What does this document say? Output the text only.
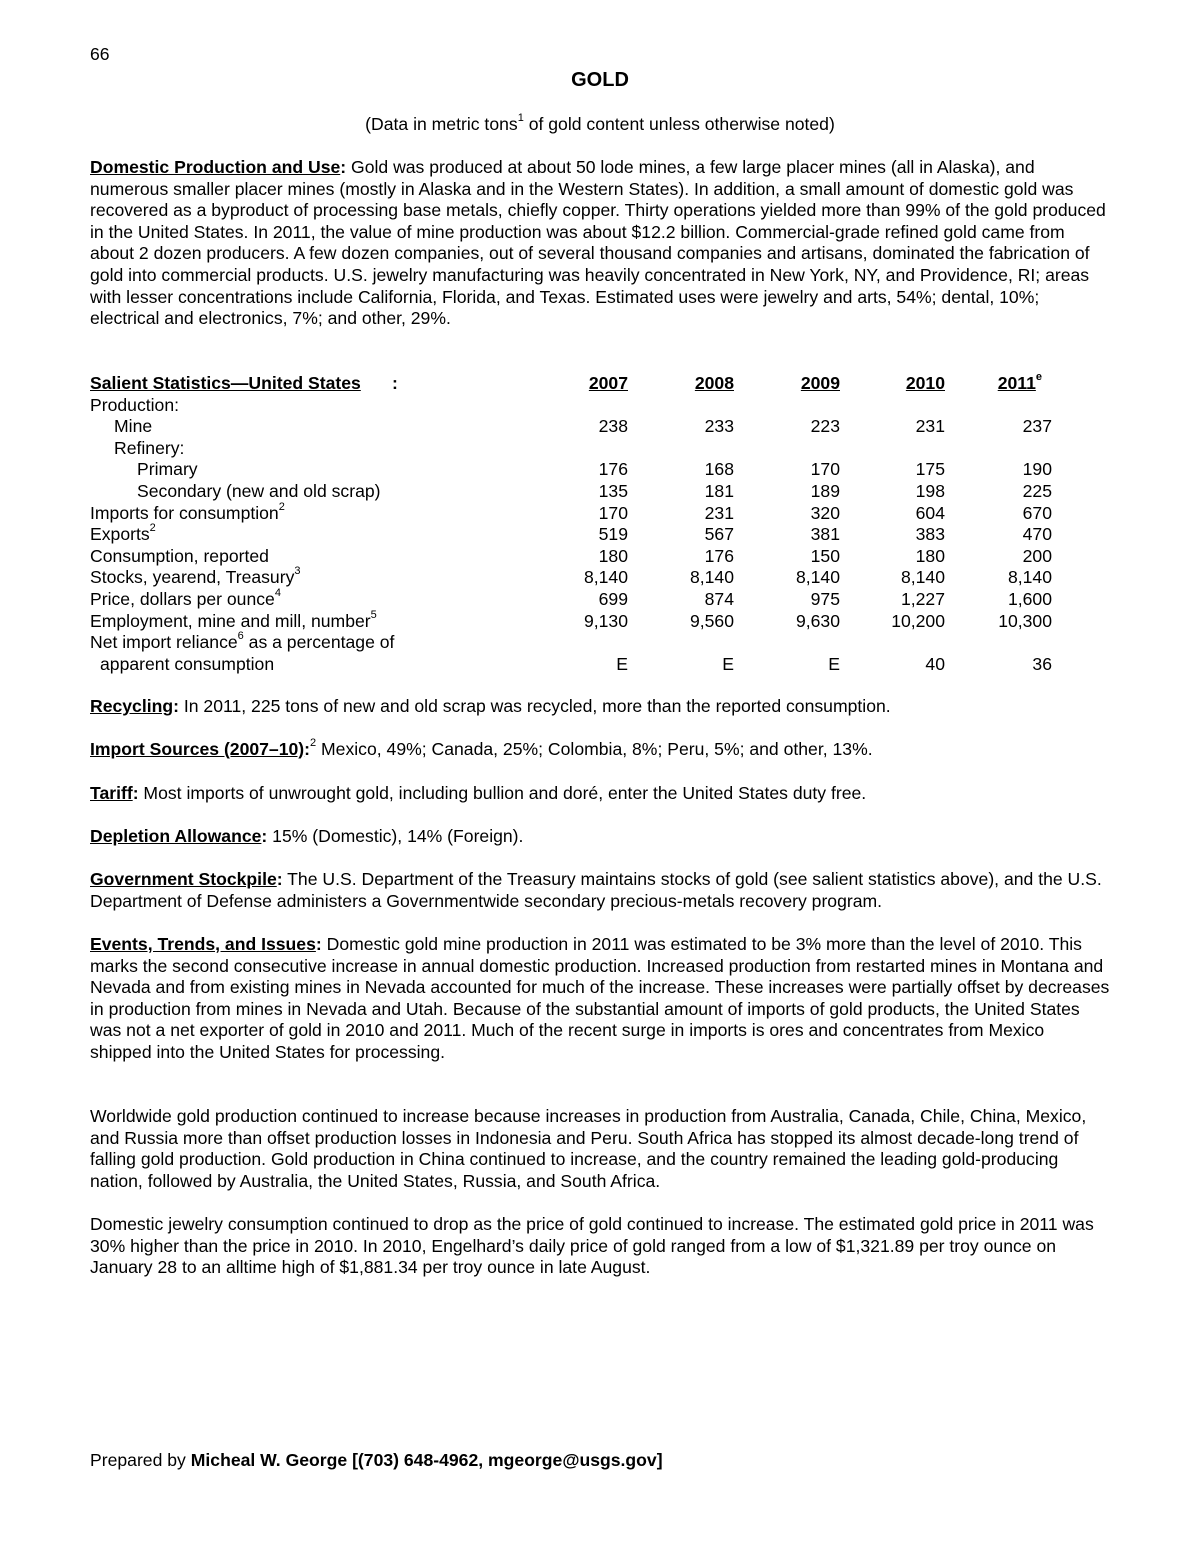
66
GOLD
(Data in metric tons$^1$ of gold content unless otherwise noted)

Domestic Production and Use: Gold was produced at about 50 lode mines, a few large placer mines (all in Alaska), and numerous smaller placer mines (mostly in Alaska and in the Western States). In addition, a small amount of domestic gold was recovered as a byproduct of processing base metals, chiefly copper. Thirty operations yielded more than 99% of the gold produced in the United States. In 2011, the value of mine production was about $12.2 billion. Commercial-grade refined gold came from about 2 dozen producers. A few dozen companies, out of several thousand companies and artisans, dominated the fabrication of gold into commercial products. U.S. jewelry manufacturing was heavily concentrated in New York, NY, and Providence, RI; areas with lesser concentrations include California, Florida, and Texas. Estimated uses were jewelry and arts, 54%; dental, 10%; electrical and electronics, 7%; and other, 29%.

Salient Statistics—United States :	2007	2008	2009	2010	2011e
Production:
Mine	238	233	223	231	237
Refinery:
Primary	176	168	170	175	190
Secondary (new and old scrap)	135	181	189	198	225
Imports for consumption$^2$	170	231	320	604	670
Exports$^2$	519	567	381	383	470
Consumption, reported	180	176	150	180	200
Stocks, yearend, Treasury$^3$	8,140	8,140	8,140	8,140	8,140
Price, dollars per ounce$^4$	699	874	975	1,227	1,600
Employment, mine and mill, number$^5$	9,130	9,560	9,630	10,200	10,300
Net import reliance$^6$ as a percentage of
apparent consumption	E	E	E	40	36

Recycling: In 2011, 225 tons of new and old scrap was recycled, more than the reported consumption.

Import Sources (2007–10):$^2$ Mexico, 49%; Canada, 25%; Colombia, 8%; Peru, 5%; and other, 13%.

Tariff: Most imports of unwrought gold, including bullion and doré, enter the United States duty free.

Depletion Allowance: 15% (Domestic), 14% (Foreign).

Government Stockpile: The U.S. Department of the Treasury maintains stocks of gold (see salient statistics above), and the U.S. Department of Defense administers a Governmentwide secondary precious-metals recovery program.

Events, Trends, and Issues: Domestic gold mine production in 2011 was estimated to be 3% more than the level of 2010. This marks the second consecutive increase in annual domestic production. Increased production from restarted mines in Montana and Nevada and from existing mines in Nevada accounted for much of the increase. These increases were partially offset by decreases in production from mines in Nevada and Utah. Because of the substantial amount of imports of gold products, the United States was not a net exporter of gold in 2010 and 2011. Much of the recent surge in imports is ores and concentrates from Mexico shipped into the United States for processing.

Worldwide gold production continued to increase because increases in production from Australia, Canada, Chile, China, Mexico, and Russia more than offset production losses in Indonesia and Peru. South Africa has stopped its almost decade-long trend of falling gold production. Gold production in China continued to increase, and the country remained the leading gold-producing nation, followed by Australia, the United States, Russia, and South Africa.

Domestic jewelry consumption continued to drop as the price of gold continued to increase. The estimated gold price in 2011 was 30% higher than the price in 2010. In 2010, Engelhard’s daily price of gold ranged from a low of $1,321.89 per troy ounce on January 28 to an alltime high of $1,881.34 per troy ounce in late August.

Prepared by Micheal W. George [(703) 648-4962, mgeorge@usgs.gov]
